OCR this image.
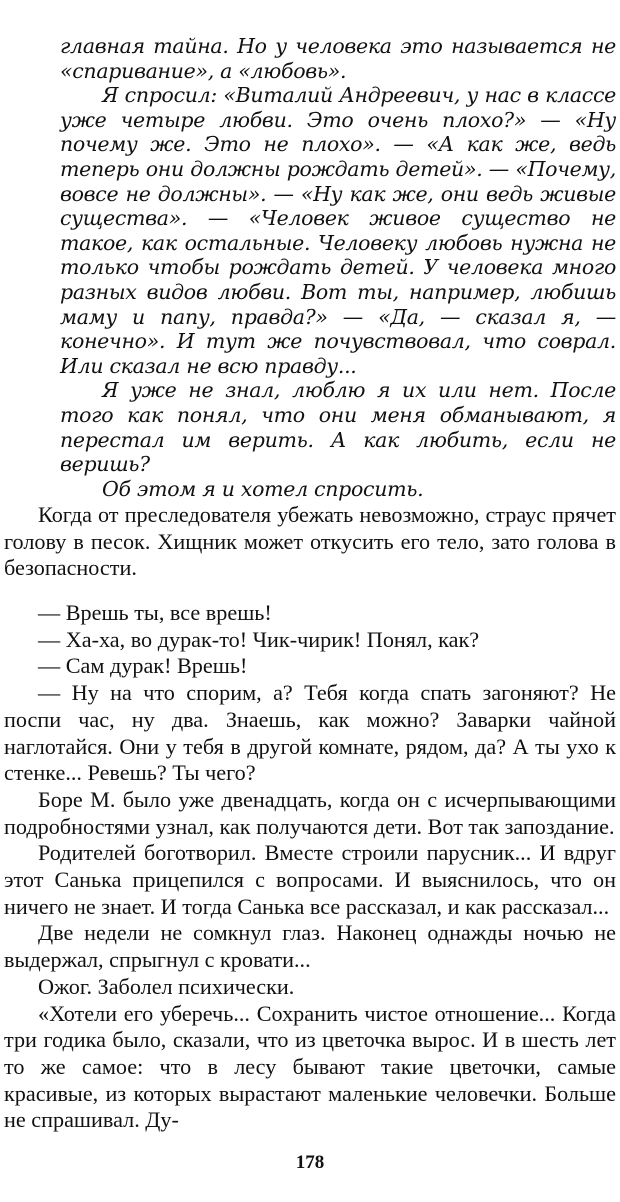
главная тайна. Но у человека это называется не «спаривание», а «любовь».

Я спросил: «Виталий Андреевич, у нас в классе уже четыре любви. Это очень плохо?» — «Ну почему же. Это не плохо». — «А как же, ведь теперь они должны рождать детей». — «Почему, вовсе не должны». — «Ну как же, они ведь живые существа». — «Человек живое существо не такое, как остальные. Человеку любовь нужна не только чтобы рождать детей. У человека много разных видов любви. Вот ты, например, любишь маму и папу, правда?» — «Да, — сказал я, — конечно». И тут же почувствовал, что соврал. Или сказал не всю правду...

Я уже не знал, люблю я их или нет. После того как понял, что они меня обманывают, я перестал им верить. А как любить, если не веришь?

Об этом я и хотел спросить.

Когда от преследователя убежать невозможно, страус прячет голову в песок. Хищник может откусить его тело, зато голова в безопасности.

— Врешь ты, все врешь!

— Ха-ха, во дурак-то! Чик-чирик! Понял, как?

— Сам дурак! Врешь!

— Ну на что спорим, а? Тебя когда спать загоняют? Не поспи час, ну два. Знаешь, как можно? Заварки чайной наглотайся. Они у тебя в другой комнате, рядом, да? А ты ухо к стенке... Ревешь? Ты чего?

Боре М. было уже двенадцать, когда он с исчерпывающими подробностями узнал, как получаются дети. Вот так запоздание.

Родителей боготворил. Вместе строили парусник... И вдруг этот Санька прицепился с вопросами. И выяснилось, что он ничего не знает. И тогда Санька все рассказал, и как рассказал...

Две недели не сомкнул глаз. Наконец однажды ночью не выдержал, спрыгнул с кровати...

Ожог. Заболел психически.

«Хотели его уберечь... Сохранить чистое отношение... Когда три годика было, сказали, что из цветочка вырос. И в шесть лет то же самое: что в лесу бывают такие цветочки, самые красивые, из которых вырастают маленькие человечки. Больше не спрашивал. Ду-

178
